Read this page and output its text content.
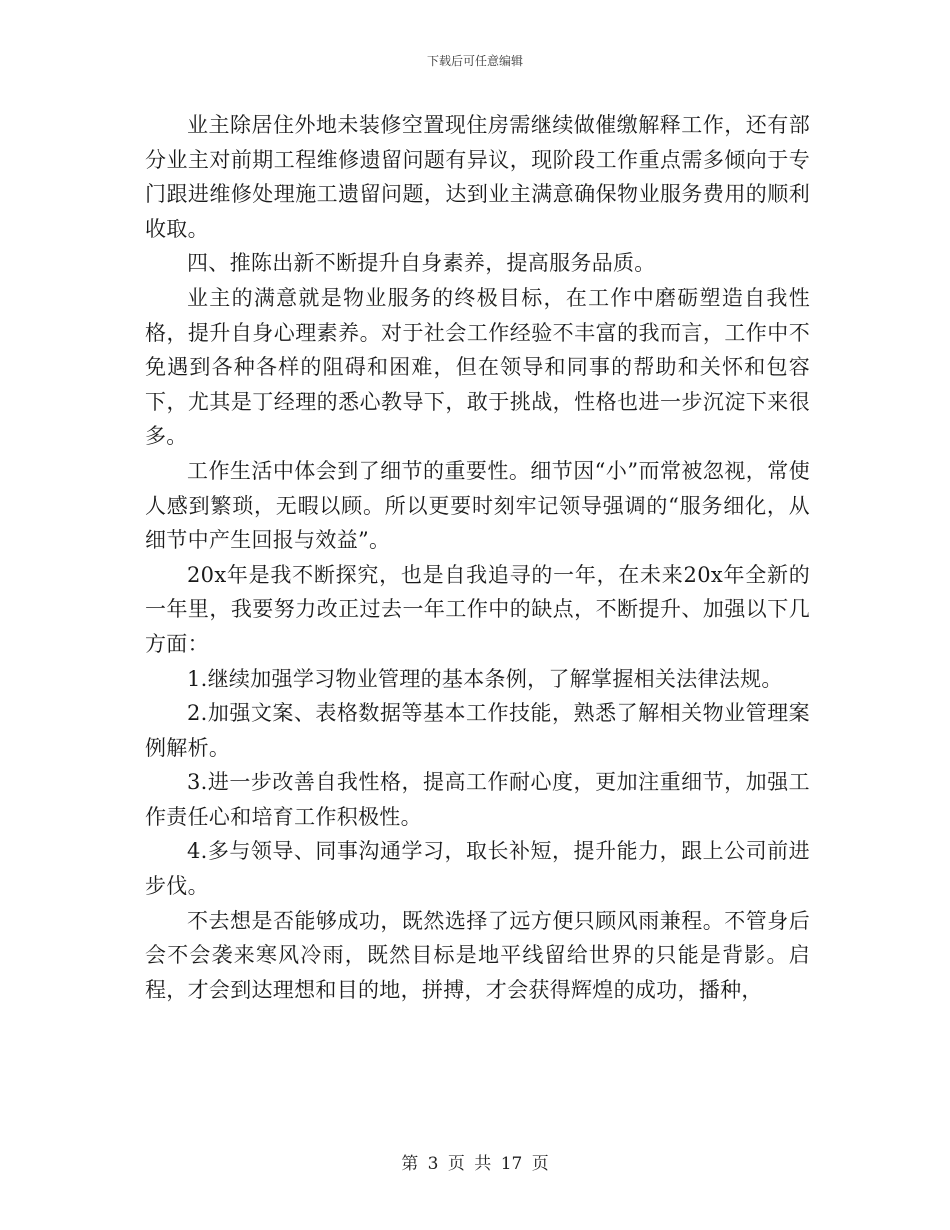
下载后可任意编辑

业主除居住外地未装修空置现住房需继续做催缴解释工作，还有部分业主对前期工程维修遗留问题有异议，现阶段工作重点需多倾向于专门跟进维修处理施工遗留问题，达到业主满意确保物业服务费用的顺利收取。

四、推陈出新不断提升自身素养，提高服务品质。

业主的满意就是物业服务的终极目标，在工作中磨砺塑造自我性格，提升自身心理素养。对于社会工作经验不丰富的我而言，工作中不免遇到各种各样的阻碍和困难，但在领导和同事的帮助和关怀和包容下，尤其是丁经理的悉心教导下，敢于挑战，性格也进一步沉淀下来很多。

工作生活中体会到了细节的重要性。细节因“小”而常被忽视，常使人感到繁琐，无暇以顾。所以更要时刻牢记领导强调的“服务细化，从细节中产生回报与效益”。

20x年是我不断探究，也是自我追寻的一年，在未来20x年全新的一年里，我要努力改正过去一年工作中的缺点，不断提升、加强以下几方面：

1.继续加强学习物业管理的基本条例，了解掌握相关法律法规。

2.加强文案、表格数据等基本工作技能，熟悉了解相关物业管理案例解析。

3.进一步改善自我性格，提高工作耐心度，更加注重细节，加强工作责任心和培育工作积极性。

4.多与领导、同事沟通学习，取长补短，提升能力，跟上公司前进步伐。

不去想是否能够成功，既然选择了远方便只顾风雨兼程。不管身后会不会袭来寒风冷雨，既然目标是地平线留给世界的只能是背影。启程，才会到达理想和目的地，拼搏，才会获得辉煌的成功，播种，

第 3 页 共 17 页
